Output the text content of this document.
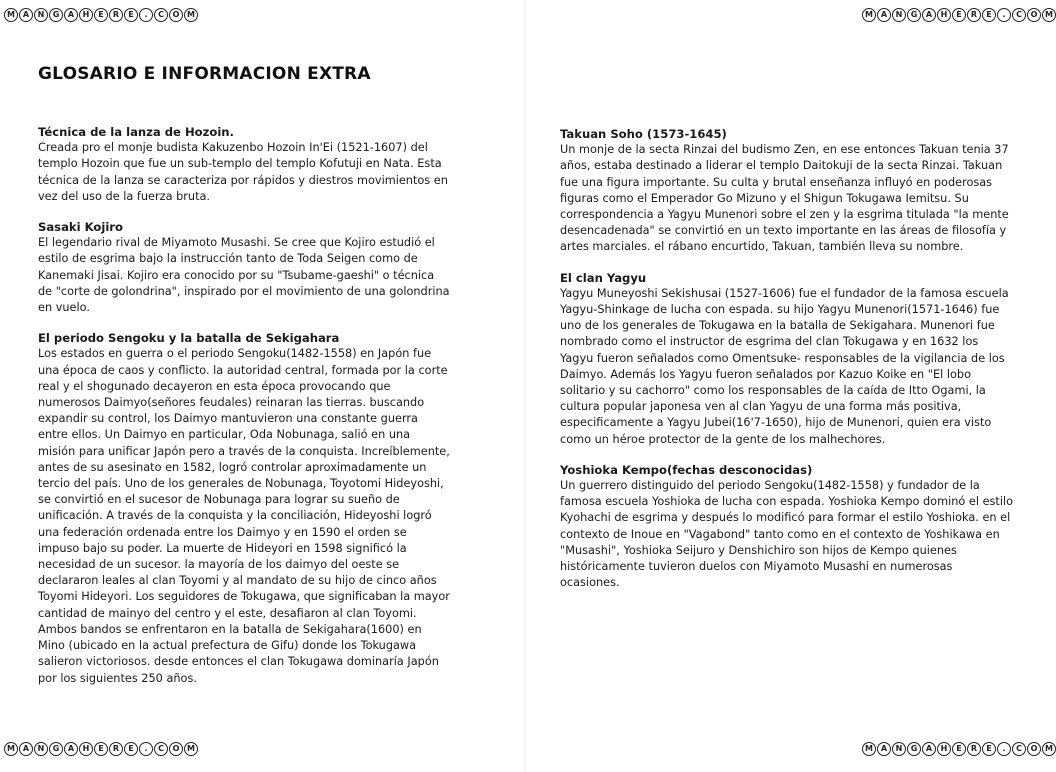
M A	N	G	A	H	E	R	E	.	C	O M	M A	N	G	A	H	E	R	E	.	C	O M
M A	N	G	A	H	E	R	E	.	C	O M	M A	N	G	A	H	E	R	E	.	C	O M
GLOSARIO E INFORMACION EXTRA
Técnica de la lanza de Hozoin.

Creada pro el monje budista Kakuzenbo Hozoin In'Ei (1521-1607) del templo Hozoin que fue un sub-templo del templo Kofutuji en Nata. Esta técnica de la lanza se caracteriza por rápidos y diestros movimientos en vez del uso de la fuerza bruta.

Sasaki Kojiro

El legendario rival de Miyamoto Musashi. Se cree que Kojiro estudió el estilo de esgrima bajo la instrucción tanto de Toda Seigen como de Kanemaki Jisai. Kojiro era conocido por su "Tsubame-gaeshi" o técnica de "corte de golondrina", inspirado por el movimiento de una golondrina en vuelo.

El periodo Sengoku y la batalla de Sekigahara

Los estados en guerra o el periodo Sengoku(1482-1558) en Japón fue una época de caos y conflicto. la autoridad central, formada por la corte real y el shogunado decayeron en esta época provocando que numerosos Daimyo(señores feudales) reinaran las tierras. buscando expandir su control, los Daimyo mantuvieron una constante guerra entre ellos. Un Daimyo en particular, Oda Nobunaga, salió en una misión para unificar Japón pero a través de la conquista. Increíblemente, antes de su asesinato en 1582, logró controlar aproximadamente un tercio del país. Uno de los generales de Nobunaga, Toyotomi Hideyoshi, se convirtió en el sucesor de Nobunaga para lograr su sueño de unificación. A través de la conquista y la conciliación, Hideyoshi logró una federación ordenada entre los Daimyo y en 1590 el orden se impuso bajo su poder. La muerte de Hideyori en 1598 significó la necesidad de un sucesor. la mayoría de los daimyo del oeste se declararon leales al clan Toyomi y al mandato de su hijo de cinco años Toyomi Hideyori. Los seguidores de Tokugawa, que significaban la mayor cantidad de mainyo del centro y el este, desafiaron al clan Toyomi. Ambos bandos se enfrentaron en la batalla de Sekigahara(1600) en Mino (ubicado en la actual prefectura de Gifu) donde los Tokugawa salieron victoriosos. desde entonces el clan Tokugawa dominaría Japón por los siguientes 250 años.

Takuan Soho (1573-1645)

Un monje de la secta Rinzai del budismo Zen, en ese entonces Takuan tenia 37 años, estaba destinado a liderar el templo Daitokuji de la secta Rinzai. Takuan fue una figura importante. Su culta y brutal enseñanza influyó en poderosas figuras como el Emperador Go Mizuno y el Shigun Tokugawa Iemitsu. Su correspondencia a Yagyu Munenori sobre el zen y la esgrima titulada "la mente desencadenada" se convirtió en un texto importante en las áreas de filosofía y artes marciales. el rábano encurtido, Takuan, también lleva su nombre.

El clan Yagyu

Yagyu Muneyoshi Sekishusai (1527-1606) fue el fundador de la famosa escuela Yagyu-Shinkage de lucha con espada. su hijo Yagyu Munenori(1571-1646) fue uno de los generales de Tokugawa en la batalla de Sekigahara. Munenori fue nombrado como el instructor de esgrima del clan Tokugawa y en 1632 los Yagyu fueron señalados como Omentsuke- responsables de la vigilancia de los Daimyo. Además los Yagyu fueron señalados por Kazuo Koike en "El lobo solitario y su cachorro" como los responsables de la caída de Itto Ogami, la cultura popular japonesa ven al clan Yagyu de una forma más positiva, especificamente a Yagyu Jubei(16'7-1650), hijo de Munenori, quien era visto como un héroe protector de la gente de los malhechores.

Yoshioka Kempo(fechas desconocidas)

Un guerrero distinguido del periodo Sengoku(1482-1558) y fundador de la famosa escuela Yoshioka de lucha con espada. Yoshioka Kempo dominó el estilo Kyohachi de esgrima y después lo modificó para formar el estilo Yoshioka. en el contexto de Inoue en "Vagabond" tanto como en el contexto de Yoshikawa en "Musashi", Yoshioka Seijuro y Denshichiro son hijos de Kempo quienes históricamente tuvieron duelos con Miyamoto Musashi en numerosas ocasiones.
